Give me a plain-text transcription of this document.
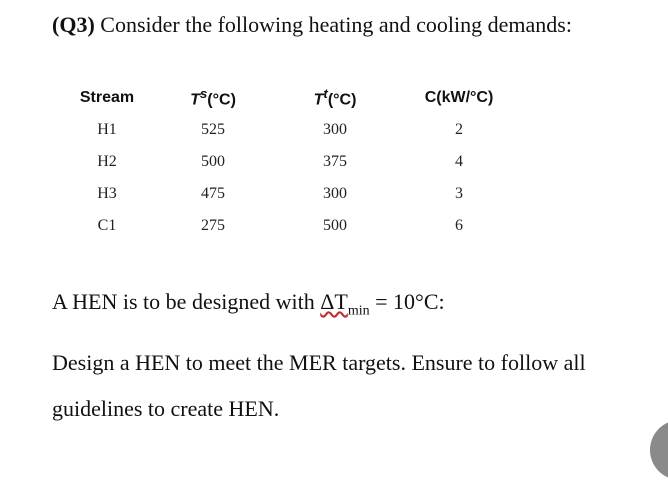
(Q3) Consider the following heating and cooling demands:

Stream	$T^s(^\circ C)$	$T^t(^\circ C)$	C(kW/°C)
H1	525	300	2
H2	500	375	4
H3	475	300	3
C1	275	500	6

A HEN is to be designed with $\Delta T_{min} = 10^\circ C$:

Design a HEN to meet the MER targets. Ensure to follow all

guidelines to create HEN.
